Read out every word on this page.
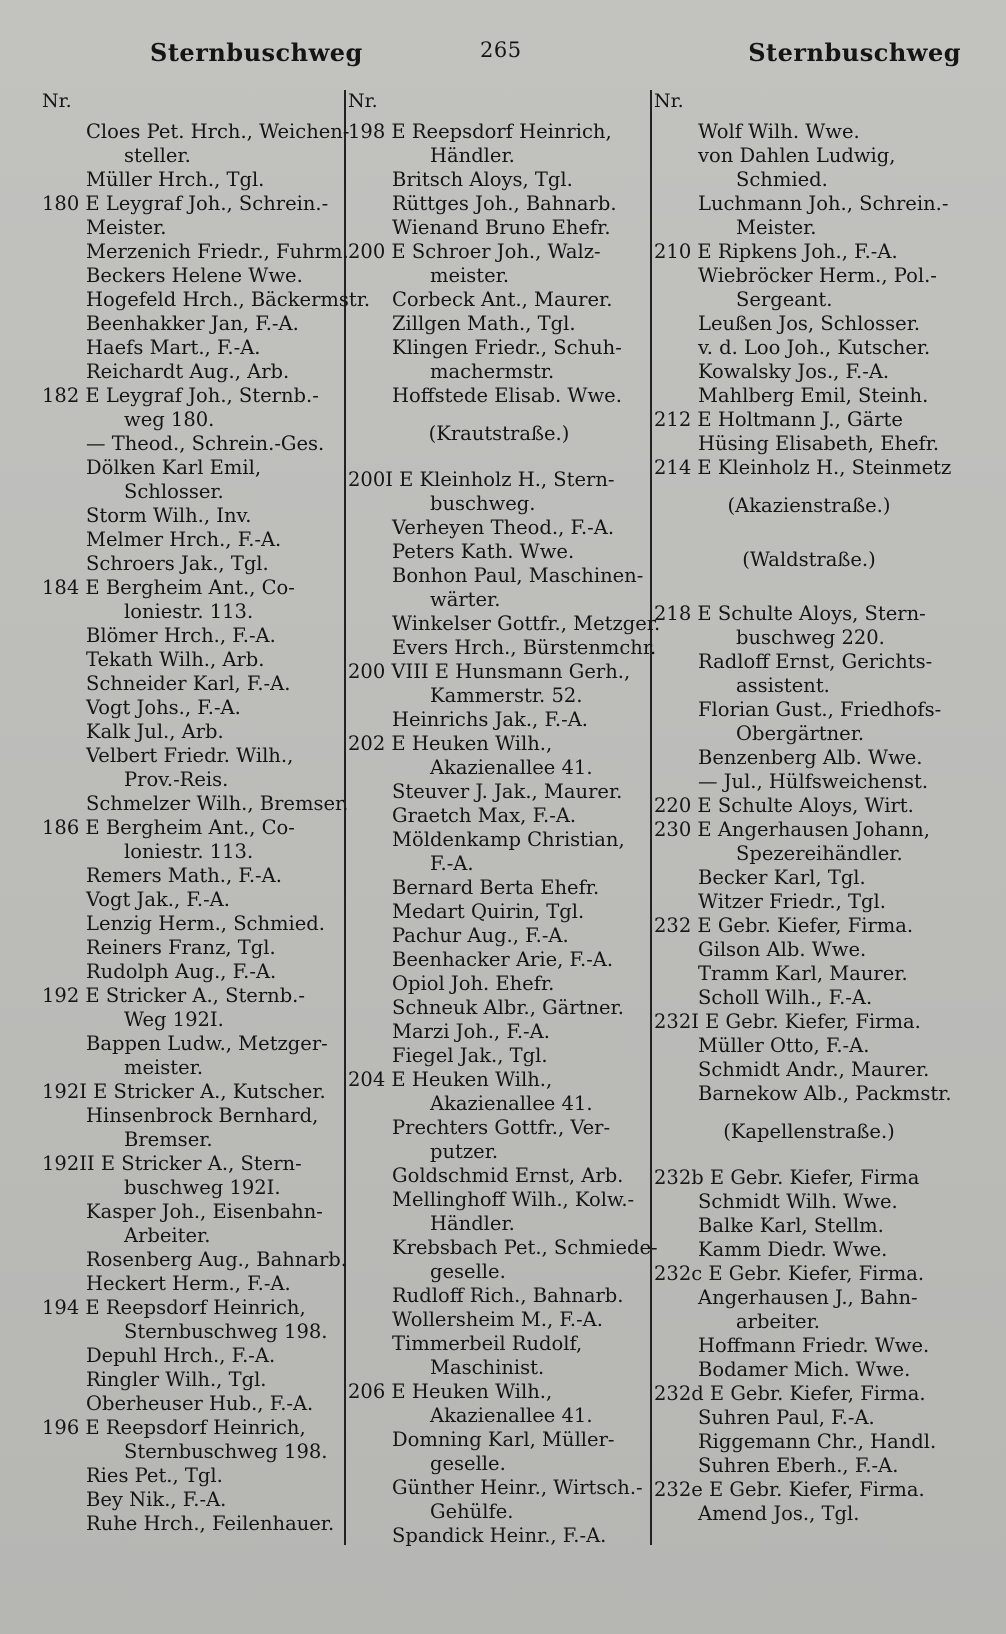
Sternbuschweg	265	Sternbuschweg
Nr.
Cloes Pet. Hrch., Weichen-
steller.
Müller Hrch., Tgl.
180 E Leygraf Joh., Schrein.-
Meister.
Merzenich Friedr., Fuhrm.
Beckers Helene Wwe.
Hogefeld Hrch., Bäckermstr.
Beenhakker Jan, F.-A.
Haefs Mart., F.-A.
Reichardt Aug., Arb.
182 E Leygraf Joh., Sternb.-
weg 180.
— Theod., Schrein.-Ges.
Dölken Karl Emil,
Schlosser.
Storm Wilh., Inv.
Melmer Hrch., F.-A.
Schroers Jak., Tgl.
184 E Bergheim Ant., Co-
loniestr. 113.
Blömer Hrch., F.-A.
Tekath Wilh., Arb.
Schneider Karl, F.-A.
Vogt Johs., F.-A.
Kalk Jul., Arb.
Velbert Friedr. Wilh.,
Prov.-Reis.
Schmelzer Wilh., Bremser.
186 E Bergheim Ant., Co-
loniestr. 113.
Remers Math., F.-A.
Vogt Jak., F.-A.
Lenzig Herm., Schmied.
Reiners Franz, Tgl.
Rudolph Aug., F.-A.
192 E Stricker A., Sternb.-
Weg 192I.
Bappen Ludw., Metzger-
meister.
192I E Stricker A., Kutscher.
Hinsenbrock Bernhard,
Bremser.
192II E Stricker A., Stern-
buschweg 192I.
Kasper Joh., Eisenbahn-
Arbeiter.
Rosenberg Aug., Bahnarb.
Heckert Herm., F.-A.
194 E Reepsdorf Heinrich,
Sternbuschweg 198.
Depuhl Hrch., F.-A.
Ringler Wilh., Tgl.
Oberheuser Hub., F.-A.
196 E Reepsdorf Heinrich,
Sternbuschweg 198.
Ries Pet., Tgl.
Bey Nik., F.-A.
Ruhe Hrch., Feilenhauer.
Nr.
198 E Reepsdorf Heinrich,
Händler.
Britsch Aloys, Tgl.
Rüttges Joh., Bahnarb.
Wienand Bruno Ehefr.
200 E Schroer Joh., Walz-
meister.
Corbeck Ant., Maurer.
Zillgen Math., Tgl.
Klingen Friedr., Schuh-
machermstr.
Hoffstede Elisab. Wwe.
(Krautstraße.)
200I E Kleinholz H., Stern-
buschweg.
Verheyen Theod., F.-A.
Peters Kath. Wwe.
Bonhon Paul, Maschinen-
wärter.
Winkelser Gottfr., Metzger.
Evers Hrch., Bürstenmchr.
200 VIII E Hunsmann Gerh.,
Kammerstr. 52.
Heinrichs Jak., F.-A.
202 E Heuken Wilh.,
Akazienallee 41.
Steuver J. Jak., Maurer.
Graetch Max, F.-A.
Möldenkamp Christian,
F.-A.
Bernard Berta Ehefr.
Medart Quirin, Tgl.
Pachur Aug., F.-A.
Beenhacker Arie, F.-A.
Opiol Joh. Ehefr.
Schneuk Albr., Gärtner.
Marzi Joh., F.-A.
Fiegel Jak., Tgl.
204 E Heuken Wilh.,
Akazienallee 41.
Prechters Gottfr., Ver-
putzer.
Goldschmid Ernst, Arb.
Mellinghoff Wilh., Kolw.-
Händler.
Krebsbach Pet., Schmiede-
geselle.
Rudloff Rich., Bahnarb.
Wollersheim M., F.-A.
Timmerbeil Rudolf,
Maschinist.
206 E Heuken Wilh.,
Akazienallee 41.
Domning Karl, Müller-
geselle.
Günther Heinr., Wirtsch.-
Gehülfe.
Spandick Heinr., F.-A.
Nr.
Wolf Wilh. Wwe.
von Dahlen Ludwig,
Schmied.
Luchmann Joh., Schrein.-
Meister.
210 E Ripkens Joh., F.-A.
Wiebröcker Herm., Pol.-
Sergeant.
Leußen Jos, Schlosser.
v. d. Loo Joh., Kutscher.
Kowalsky Jos., F.-A.
Mahlberg Emil, Steinh.
212 E Holtmann J., Gärte
Hüsing Elisabeth, Ehefr.
214 E Kleinholz H., Steinmetz
(Akazienstraße.)
(Waldstraße.)
218 E Schulte Aloys, Stern-
buschweg 220.
Radloff Ernst, Gerichts-
assistent.
Florian Gust., Friedhofs-
Obergärtner.
Benzenberg Alb. Wwe.
— Jul., Hülfsweichenst.
220 E Schulte Aloys, Wirt.
230 E Angerhausen Johann,
Spezereihändler.
Becker Karl, Tgl.
Witzer Friedr., Tgl.
232 E Gebr. Kiefer, Firma.
Gilson Alb. Wwe.
Tramm Karl, Maurer.
Scholl Wilh., F.-A.
232I E Gebr. Kiefer, Firma.
Müller Otto, F.-A.
Schmidt Andr., Maurer.
Barnekow Alb., Packmstr.
(Kapellenstraße.)
232b E Gebr. Kiefer, Firma
Schmidt Wilh. Wwe.
Balke Karl, Stellm.
Kamm Diedr. Wwe.
232c E Gebr. Kiefer, Firma.
Angerhausen J., Bahn-
arbeiter.
Hoffmann Friedr. Wwe.
Bodamer Mich. Wwe.
232d E Gebr. Kiefer, Firma.
Suhren Paul, F.-A.
Riggemann Chr., Handl.
Suhren Eberh., F.-A.
232e E Gebr. Kiefer, Firma.
Amend Jos., Tgl.
